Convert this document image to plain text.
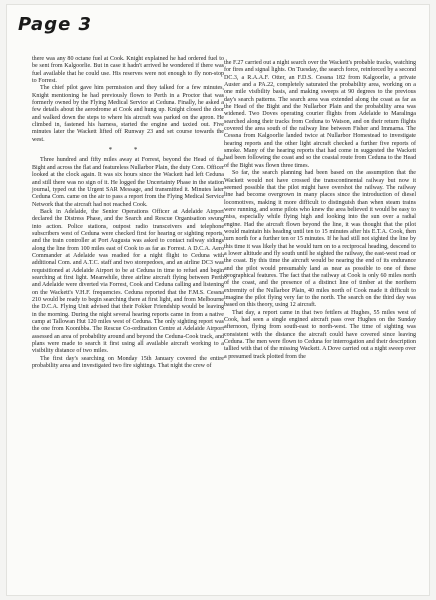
Page 3

there was any 80 octane fuel at Cook. Knight explained he had ordered fuel to be sent from Kalgoorlie. But in case it hadn't arrived he wondered if there was fuel available that he could use. His reserves were not enough to fly non-stop to Forrest.

The chief pilot gave him permission and they talked for a few minutes, Knight mentioning he had previously flown to Perth in a Proctor that was formerly owned by the Flying Medical Service at Ceduna. Finally, he asked a few details about the aerodrome at Cook and hung up. Knight closed the door and walked down the steps to where his aircraft was parked on the apron. He climbed in, fastened his harness, started the engine and taxied out. Five minutes later the Wackett lifted off Runway 23 and set course towards the west.

* *

Three hundred and fifty miles away at Forrest, beyond the Head of the Bight and across the flat and featureless Nullarbor Plain, the duty Com. Officer looked at the clock again. It was six hours since the Wackett had left Ceduna and still there was no sign of it. He logged the Uncertainty Phase in the station journal, typed out the Urgent SAR Message, and transmitted it. Minutes later Ceduna Com. came on the air to pass a report from the Flying Medical Service Network that the aircraft had not reached Cook.

Back in Adelaide, the Senior Operations Officer at Adelaide Airport declared the Distress Phase, and the Search and Rescue Organisation swung into action. Police stations, outpost radio transceivers and telephone subscribers west of Ceduna were checked first for hearing or sighting reports, and the train controller at Port Augusta was asked to contact railway sidings along the line from 100 miles east of Cook to as far as Forrest. A D.C.A. Aero Commander at Adelaide was readied for a night flight to Ceduna with additional Com. and A.T.C. staff and two storepedoes, and an airline DC3 was requisitioned at Adelaide Airport to be at Ceduna in time to refuel and begin searching at first light. Meanwhile, three airline aircraft flying between Perth and Adelaide were diverted via Forrest, Cook and Ceduna calling and listening on the Wackett's V.H.F. frequencies. Ceduna reported that the F.M.S. Cessna 210 would be ready to begin searching there at first light, and from Melbourne the D.C.A. Flying Unit advised that their Fokker Friendship would be leaving in the morning. During the night several hearing reports came in from a native camp at Tallowan Hut 120 miles west of Ceduna. The only sighting report was the one from Koonibba. The Rescue Co-ordination Centre at Adelaide Airport assessed an area of probability around and beyond the Ceduna-Cook track, and plans were made to search it first using all available aircraft working to a visibility distance of two miles.

The first day's searching on Monday 15th January covered the entire probability area and investigated two fire sightings. That night the crew of

the F.27 carried out a night search over the Wackett's probable tracks, watching for fires and signal lights. On Tuesday, the search force, reinforced by a second DC.3, a R.A.A.F. Otter, an F.D.S. Cessna 182 from Kalgoorlie, a private Auster and a PA.22, completely saturated the probability area, working on a one mile visibility basis, and making sweeps at 90 degrees to the previous day's search patterns. The search area was extended along the coast as far as the Head of the Bight and the Nullarbor Plain and the probability area was widened. Two Doves operating courier flights from Adelaide to Maralinga searched along their tracks from Ceduna to Watson, and on their return flights covered the area south of the railway line between Fisher and Immarna. The Cessna from Kalgoorlie landed twice at Nullarbor Homestead to investigate hearing reports and the other light aircraft checked a further five reports of smoke. Many of the hearing reports that had come in suggested the Wackett had been following the coast and so the coastal route from Ceduna to the Head of the Bight was flown three times.

So far, the search planning had been based on the assumption that the Wackett would not have crossed the transcontinental railway but now it seemed possible that the pilot might have overshot the railway. The railway line had become overgrown in many places since the introduction of diesel locomotives, making it more difficult to distinguish than when steam trains were running, and some pilots who knew the area believed it would be easy to miss, especially while flying high and looking into the sun over a radial engine. Had the aircraft flown beyond the line, it was thought that the pilot would maintain his heading until ten to 15 minutes after his E.T.A. Cook, then turn north for a further ten or 15 minutes. If he had still not sighted the line by this time it was likely that he would turn on to a reciprocal heading, descend to a lower altitude and fly south until he sighted the railway, the east-west road or the coast. By this time the aircraft would be nearing the end of its endurance and the pilot would presumably land as near as possible to one of these geographical features. The fact that the railway at Cook is only 60 miles north of the coast, and the presence of a distinct line of timber at the northern extremity of the Nullarbor Plain, 40 miles north of Cook made it difficult to imagine the pilot flying very far to the north. The search on the third day was based on this theory, using 12 aircraft.

That day, a report came in that two fettlers at Hughes, 55 miles west of Cook, had seen a single engined aircraft pass over Hughes on the Sunday afternoon, flying from south-east to north-west. The time of sighting was consistent with the distance the aircraft could have covered since leaving Ceduna. The men were flown to Ceduna for interrogation and their description tallied with that of the missing Wackett. A Dove carried out a night sweep over a presumed track plotted from the
